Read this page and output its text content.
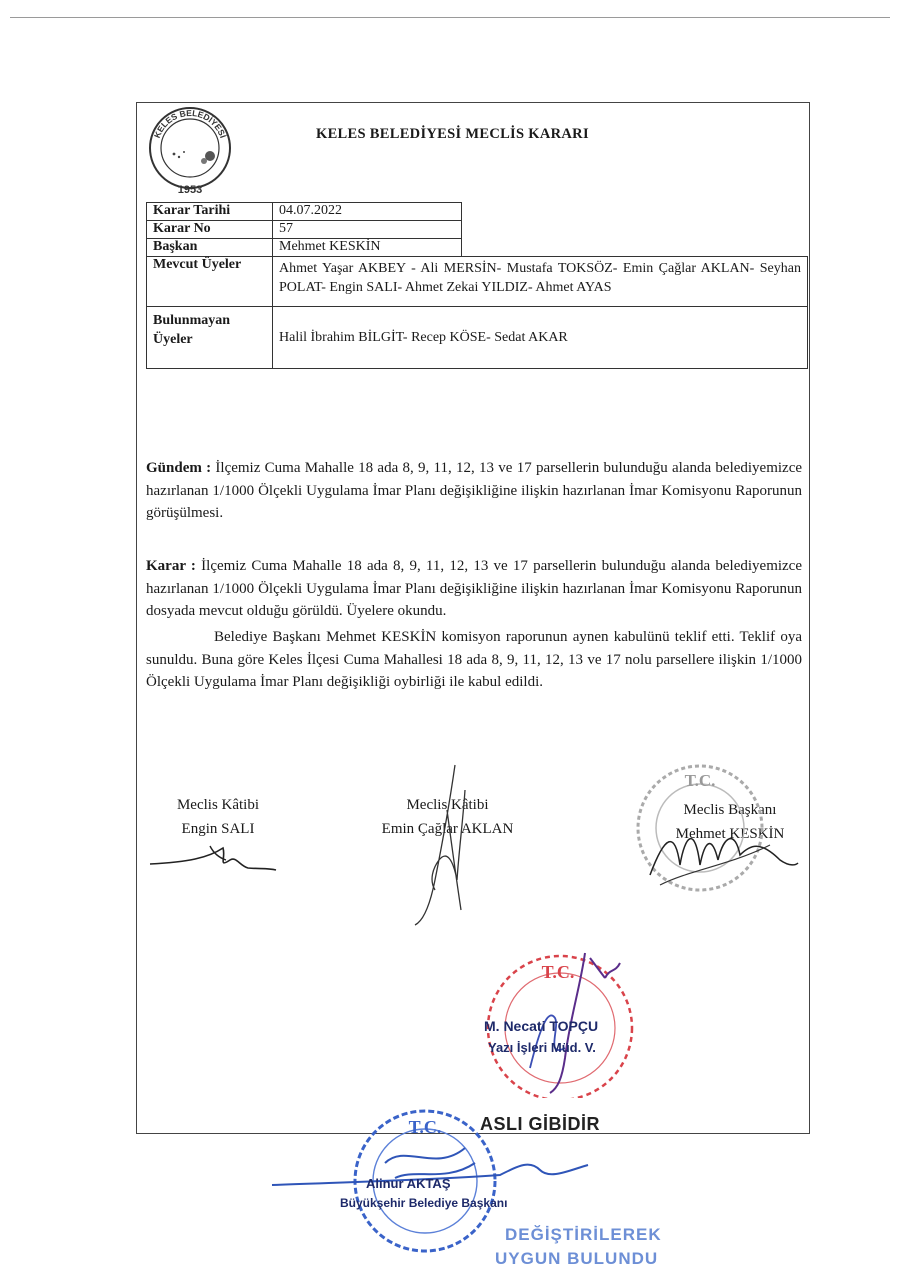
KELES BELEDİYESİ
1953
KELES BELEDİYESİ MECLİS KARARI
Karar Tarihi	04.07.2022	
Karar No	57	
Başkan	Mehmet KESKİN	
Mevcut Üyeler	Ahmet Yaşar AKBEY - Ali MERSİN- Mustafa TOKSÖZ- Emin Çağlar AKLAN- Seyhan POLAT- Engin SALI- Ahmet Zekai YILDIZ- Ahmet AYAS	

Bulunmayan
Üyeler	Halil İbrahim BİLGİT- Recep KÖSE- Sedat AKAR	
Gündem : İlçemiz Cuma Mahalle 18 ada 8, 9, 11, 12, 13 ve 17 parsellerin bulunduğu alanda belediyemizce hazırlanan 1/1000 Ölçekli Uygulama İmar Planı değişikliğine ilişkin hazırlanan İmar Komisyonu Raporunun görüşülmesi.
Karar : İlçemiz Cuma Mahalle 18 ada 8, 9, 11, 12, 13 ve 17 parsellerin bulunduğu alanda belediyemizce hazırlanan 1/1000 Ölçekli Uygulama İmar Planı değişikliğine ilişkin hazırlanan İmar Komisyonu Raporunun dosyada mevcut olduğu görüldü. Üyelere okundu.
Belediye Başkanı Mehmet KESKİN komisyon raporunun aynen kabulünü teklif etti. Teklif oya sunuldu. Buna göre Keles İlçesi Cuma Mahallesi 18 ada 8, 9, 11, 12, 13 ve 17 nolu parsellere ilişkin 1/1000 Ölçekli Uygulama İmar Planı değişikliği oybirliği ile kabul edildi.
Meclis Kâtibi
Engin SALI
Meclis Kâtibi
Emin Çağlar AKLAN
Meclis Başkanı
Mehmet KESKİN
T.C.
T.C.
M. Necati TOPÇU
Yazı İşleri Müd. V.
ASLI GİBİDİR
T.C.
Alinur AKTAŞ
Büyükşehir Belediye Başkanı
DEĞİŞTİRİLEREK
UYGUN BULUNDU
